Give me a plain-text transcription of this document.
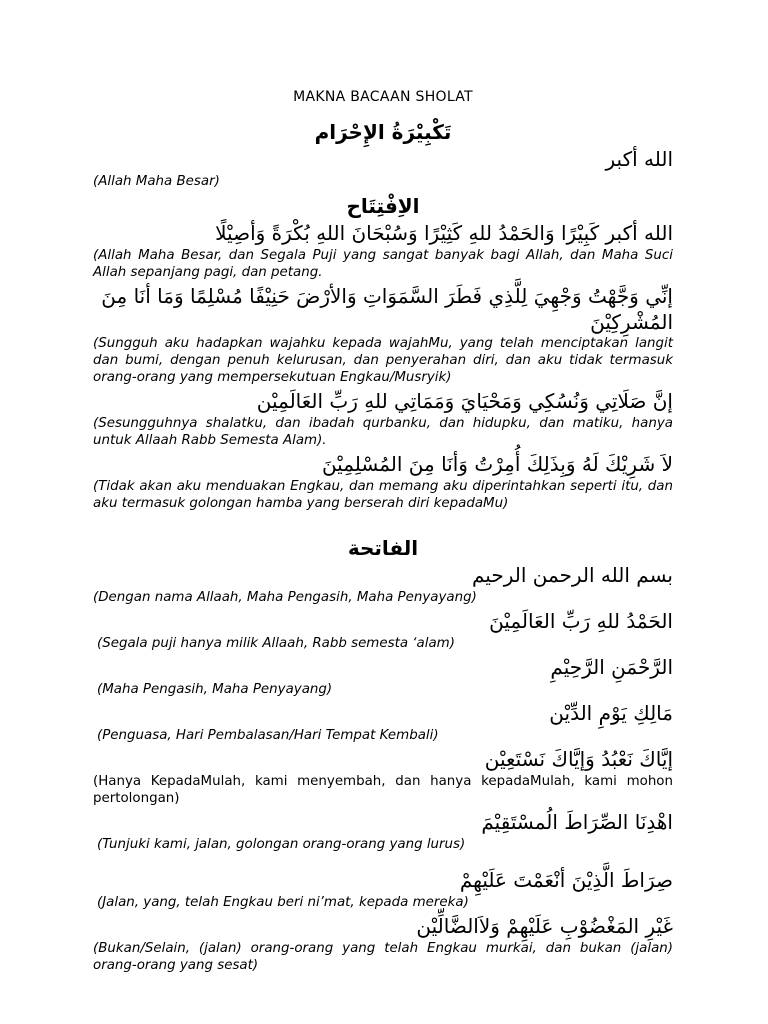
MAKNA BACAAN SHOLAT
تَكْبِيْرَةُ الإِحْرَام
الله أكبر
(Allah Maha Besar)
الاِفْتِتَاح
الله أكبر كَبِيْرًا وَالحَمْدُ للهِ كَثِيْرًا وَسُبْحَانَ اللهِ بُكْرَةً وَأصِيْلًا
(Allah Maha Besar, dan Segala Puji yang sangat banyak bagi Allah, dan Maha Suci Allah sepanjang pagi, dan petang.
إنِّي وَجَّهْتُ وَجْهِيَ لِلَّذِي فَطَرَ السَّمَوَاتِ وَالأرْضَ حَنِيْفًا مُسْلِمًا وَمَا أنَا مِنَ المُشْرِكِيْنَ
(Sungguh aku hadapkan wajahku kepada wajahMu, yang telah menciptakan langit dan bumi, dengan penuh kelurusan, dan penyerahan diri, dan aku tidak termasuk orang-orang yang mempersekutuan Engkau/Musryik)
إنَّ صَلَاتِي وَنُسُكِي وَمَحْيَايَ وَمَمَاتِي للهِ رَبِّ العَالَمِيْن
(Sesungguhnya shalatku, dan ibadah qurbanku, dan hidupku, dan matiku, hanya untuk Allaah Rabb Semesta Alam).
لاَ شَرِيْكَ لَهُ وَبِذَلِكَ أُمِرْتُ وَأنَا مِنَ المُسْلِمِيْنَ
(Tidak akan aku menduakan Engkau, dan memang aku diperintahkan seperti itu, dan aku termasuk golongan hamba yang berserah diri kepadaMu)
الفاتحة
بسم الله الرحمن الرحيم
(Dengan nama Allaah, Maha Pengasih, Maha Penyayang)
الحَمْدُ للهِ رَبِّ العَالَمِيْنَ
(Segala puji hanya milik Allaah, Rabb semesta ‘alam)
الرَّحْمَنِ الرَّحِيْمِ
(Maha Pengasih, Maha Penyayang)
مَالِكِ يَوْمِ الدِّيْن
(Penguasa, Hari Pembalasan/Hari Tempat Kembali)
إيَّاكَ نَعْبُدُ وَإيَّاكَ نَسْتَعِيْن
(Hanya KepadaMulah, kami menyembah, dan hanya kepadaMulah, kami mohon pertolongan)
اهْدِنَا الصِّرَاطَ الُمسْتَقِيْمَ
(Tunjuki kami, jalan, golongan orang-orang yang lurus)
صِرَاطَ الَّذِيْنَ أنْعَمْتَ عَلَيْهِمْ
(Jalan, yang, telah Engkau beri ni’mat, kepada mereka)
غَيْرِ المَغْضُوْبِ عَلَيْهِمْ وَلاَالضَّالِّيْن
(Bukan/Selain, (jalan) orang-orang yang telah Engkau murkai, dan bukan (jalan) orang-orang yang sesat)
